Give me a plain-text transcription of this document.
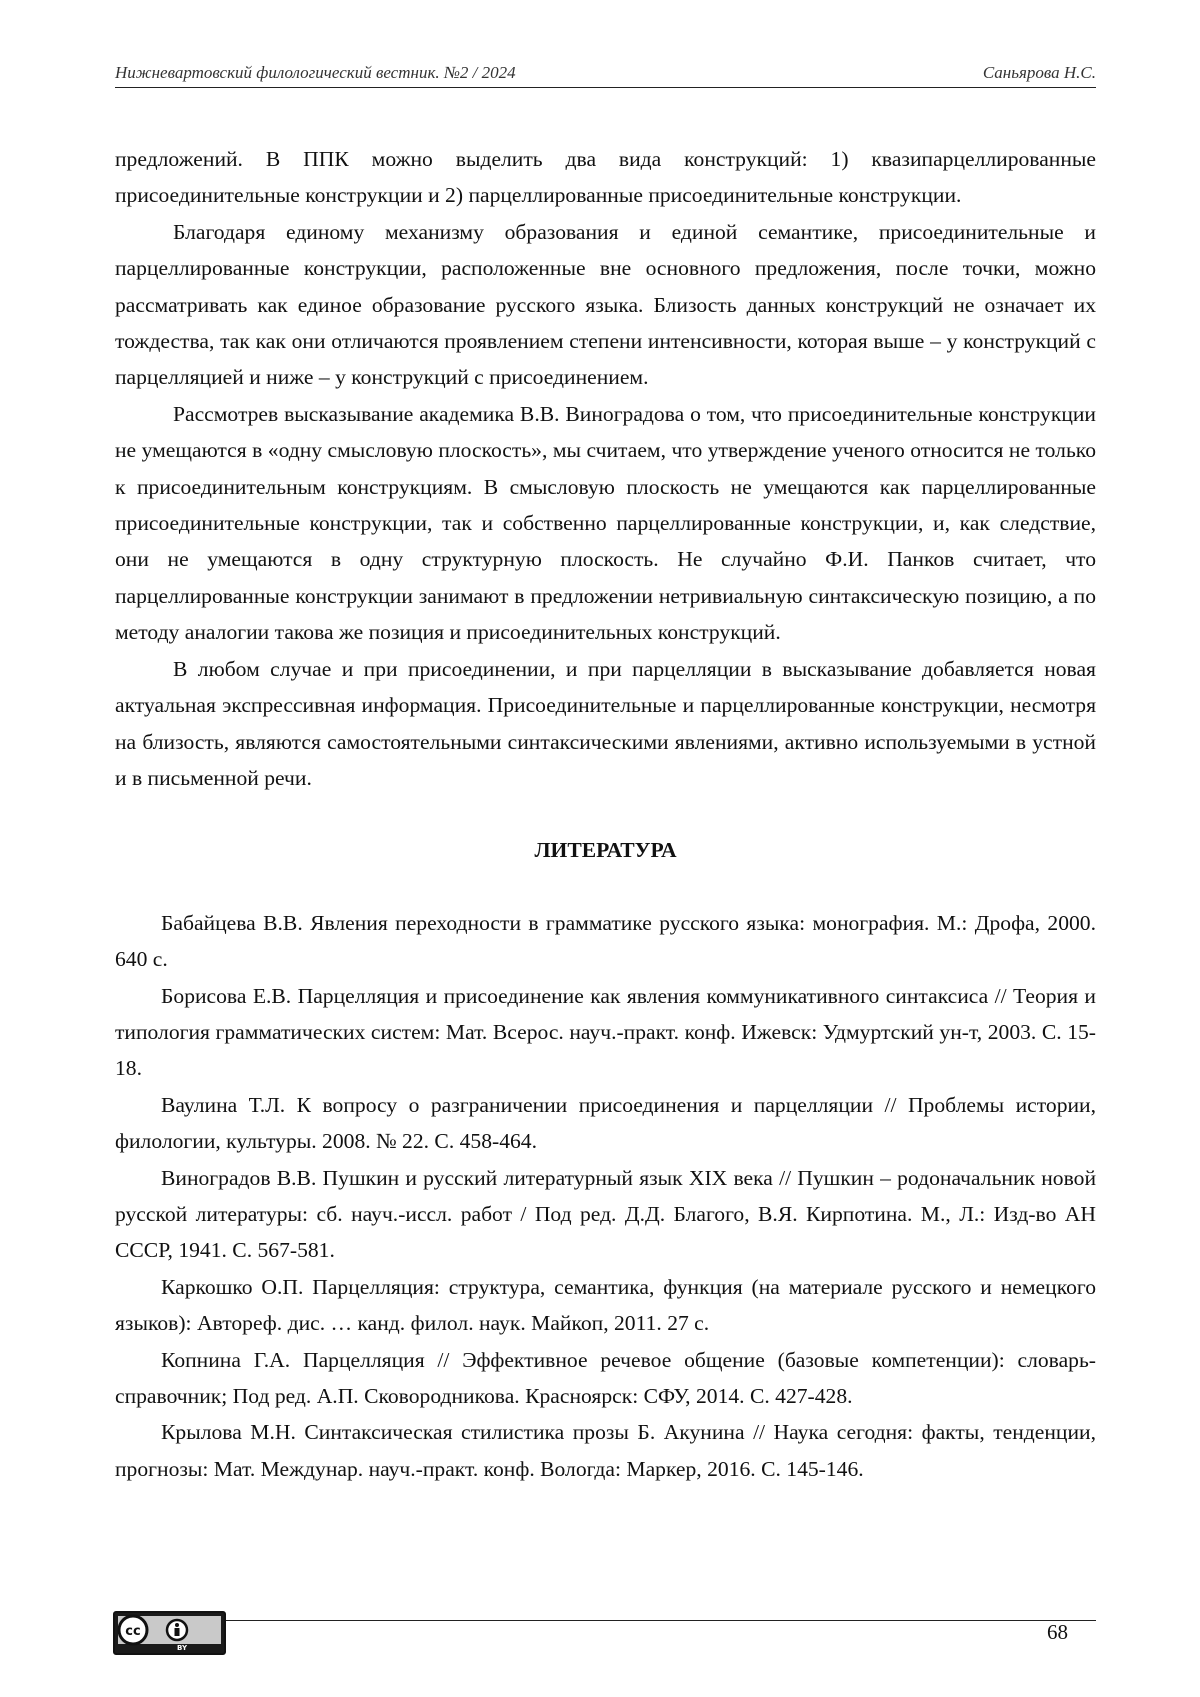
Нижневартовский филологический вестник. №2 / 2024	Саньярова Н.С.

предложений. В ППК можно выделить два вида конструкций: 1) квазипарцеллированные присоединительные конструкции и 2) парцеллированные присоединительные конструкции.

Благодаря единому механизму образования и единой семантике, присоединительные и парцеллированные конструкции, расположенные вне основного предложения, после точки, можно рассматривать как единое образование русского языка. Близость данных конструкций не означает их тождества, так как они отличаются проявлением степени интенсивности, которая выше – у конструкций с парцелляцией и ниже – у конструкций с присоединением.

Рассмотрев высказывание академика В.В. Виноградова о том, что присоединительные конструкции не умещаются в «одну смысловую плоскость», мы считаем, что утверждение ученого относится не только к присоединительным конструкциям. В смысловую плоскость не умещаются как парцеллированные присоединительные конструкции, так и собственно парцеллированные конструкции, и, как следствие, они не умещаются в одну структурную плоскость. Не случайно Ф.И. Панков считает, что парцеллированные конструкции занимают в предложении нетривиальную синтаксическую позицию, а по методу аналогии такова же позиция и присоединительных конструкций.

В любом случае и при присоединении, и при парцелляции в высказывание добавляется новая актуальная экспрессивная информация. Присоединительные и парцеллированные конструкции, несмотря на близость, являются самостоятельными синтаксическими явлениями, активно используемыми в устной и в письменной речи.

ЛИТЕРАТУРА

Бабайцева В.В. Явления переходности в грамматике русского языка: монография. М.: Дрофа, 2000. 640 с.

Борисова Е.В. Парцелляция и присоединение как явления коммуникативного синтаксиса // Теория и типология грамматических систем: Мат. Всерос. науч.-практ. конф. Ижевск: Удмуртский ун-т, 2003. С. 15-18.

Ваулина Т.Л. К вопросу о разграничении присоединения и парцелляции // Проблемы истории, филологии, культуры. 2008. № 22. С. 458-464.

Виноградов В.В. Пушкин и русский литературный язык XIX века // Пушкин – родоначальник новой русской литературы: сб. науч.-иссл. работ / Под ред. Д.Д. Благого, В.Я. Кирпотина. М., Л.: Изд-во АН СССР, 1941. С. 567-581.

Каркошко О.П. Парцелляция: структура, семантика, функция (на материале русского и немецкого языков): Автореф. дис. … канд. филол. наук. Майкоп, 2011. 27 с.

Копнина Г.А. Парцелляция // Эффективное речевое общение (базовые компетенции): словарь-справочник; Под ред. А.П. Сковородникова. Красноярск: СФУ, 2014. С. 427-428.

Крылова М.Н. Синтаксическая стилистика прозы Б. Акунина // Наука сегодня: факты, тенденции, прогнозы: Мат. Междунар. науч.-практ. конф. Вологда: Маркер, 2016. С. 145-146.

cc
BY
68
